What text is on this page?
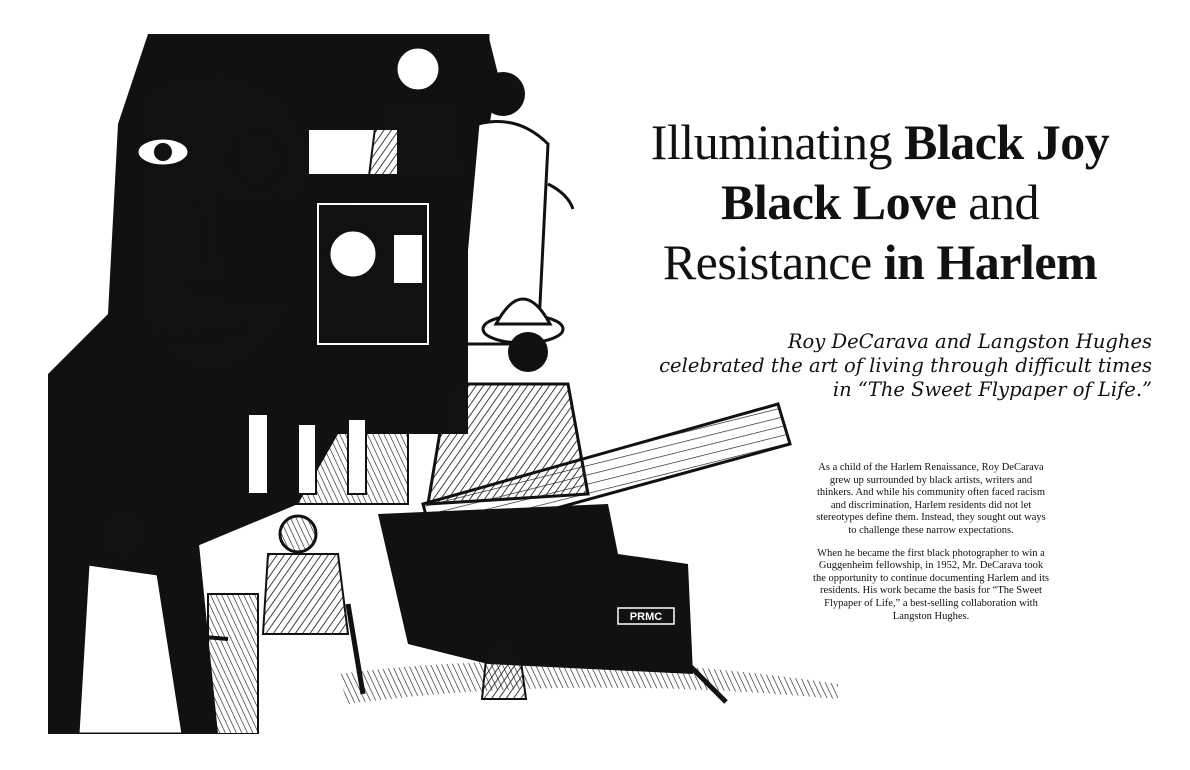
PRMC
Illuminating Black Joy
Black Love and
Resistance in Harlem
Roy DeCarava and Langston Hughes
celebrated the art of living through difficult times
in “The Sweet Flypaper of Life.”

As a child of the Harlem Renaissance, Roy DeCarava grew up surrounded by black artists, writers and thinkers. And while his community often faced racism and discrimination, Harlem residents did not let stereotypes define them. Instead, they sought out ways to challenge these narrow expectations.

When he became the first black photographer to win a Guggenheim fellowship, in 1952, Mr. DeCarava took the opportunity to continue documenting Harlem and its residents. His work became the basis for “The Sweet Flypaper of Life,” a best-selling collaboration with Langston Hughes.
